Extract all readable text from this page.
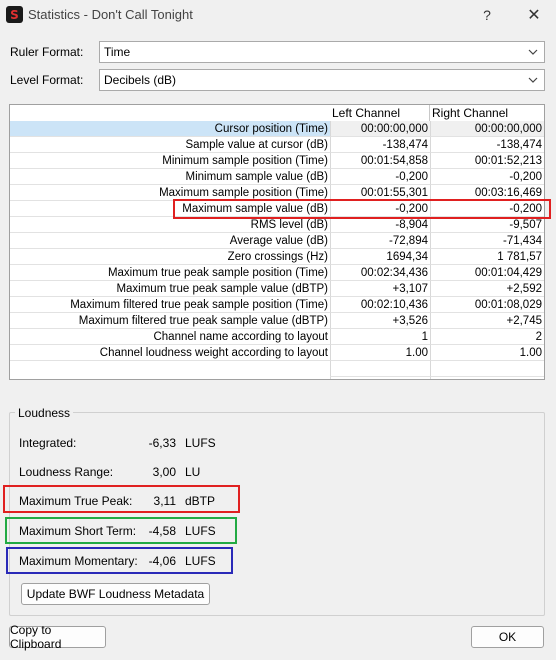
S Statistics - Don't Call Tonight	?	✕
Ruler Format: Time
Level Format: Decibels (dB)
Left Channel	Right Channel
Cursor position (Time)	00:00:00,000	00:00:00,000
Sample value at cursor (dB)	-138,474	-138,474
Minimum sample position (Time)	00:01:54,858	00:01:52,213
Minimum sample value (dB)	-0,200	-0,200
Maximum sample position (Time)	00:01:55,301	00:03:16,469
Maximum sample value (dB)	-0,200	-0,200
RMS level (dB)	-8,904	-9,507
Average value (dB)	-72,894	-71,434
Zero crossings (Hz)	1694,34	1 781,57
Maximum true peak sample position (Time)	00:02:34,436	00:01:04,429
Maximum true peak sample value (dBTP)	+3,107	+2,592
Maximum filtered true peak sample position (Time)	00:02:10,436	00:01:08,029
Maximum filtered true peak sample value (dBTP)	+3,526	+2,745
Channel name according to layout	1	2
Channel loudness weight according to layout	1.00	1.00
Loudness
Integrated:	-6,33 LUFS
Loudness Range:	3,00 LU
Maximum True Peak:	3,11 dBTP
Maximum Short Term:	-4,58 LUFS
Maximum Momentary: -4,06 LUFS
Update BWF Loudness Metadata
Copy to Clipboard	OK
